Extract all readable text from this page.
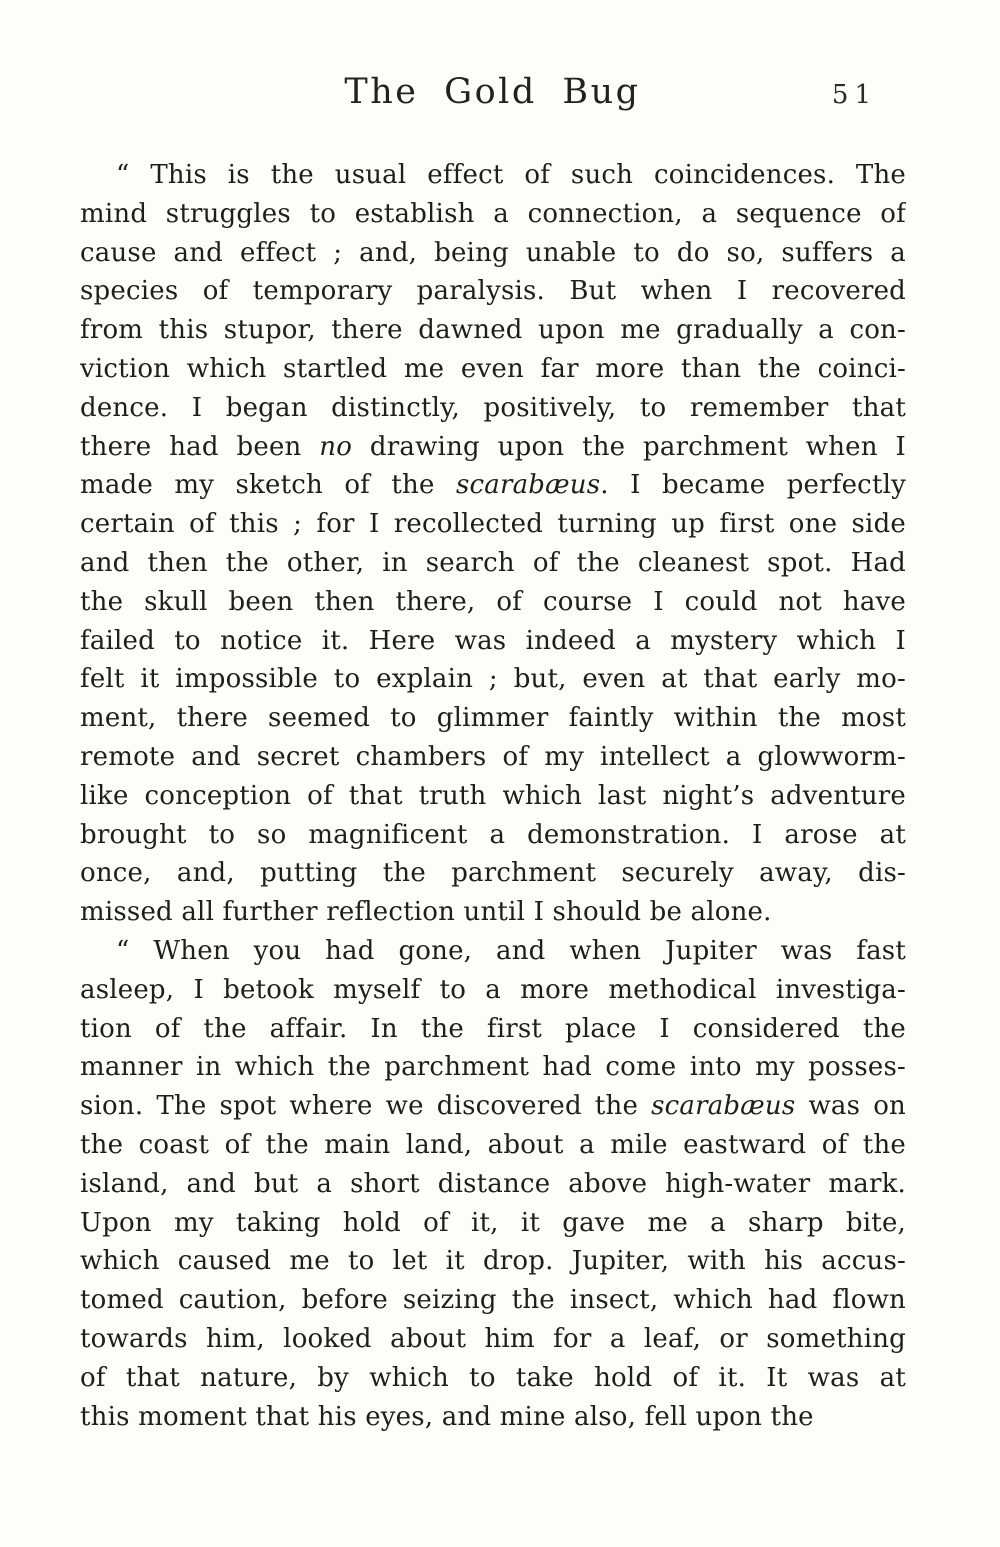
The Gold Bug	51
“ This is the usual effect of such coincidences. The
mind struggles to establish a connection, a sequence of
cause and effect ; and, being unable to do so, suffers a
species of temporary paralysis. But when I recovered
from this stupor, there dawned upon me gradually a con-
viction which startled me even far more than the coinci-
dence. I began distinctly, positively, to remember that
there had been no drawing upon the parchment when I
made my sketch of the scarabæus. I became perfectly
certain of this ; for I recollected turning up first one side
and then the other, in search of the cleanest spot. Had
the skull been then there, of course I could not have
failed to notice it. Here was indeed a mystery which I
felt it impossible to explain ; but, even at that early mo-
ment, there seemed to glimmer faintly within the most
remote and secret chambers of my intellect a glowworm-
like conception of that truth which last night’s adventure
brought to so magnificent a demonstration. I arose at
once, and, putting the parchment securely away, dis-
missed all further reflection until I should be alone.
“ When you had gone, and when Jupiter was fast
asleep, I betook myself to a more methodical investiga-
tion of the affair. In the first place I considered the
manner in which the parchment had come into my posses-
sion. The spot where we discovered the scarabæus was on
the coast of the main land, about a mile eastward of the
island, and but a short distance above high-water mark.
Upon my taking hold of it, it gave me a sharp bite,
which caused me to let it drop. Jupiter, with his accus-
tomed caution, before seizing the insect, which had flown
towards him, looked about him for a leaf, or something
of that nature, by which to take hold of it. It was at
this moment that his eyes, and mine also, fell upon the
